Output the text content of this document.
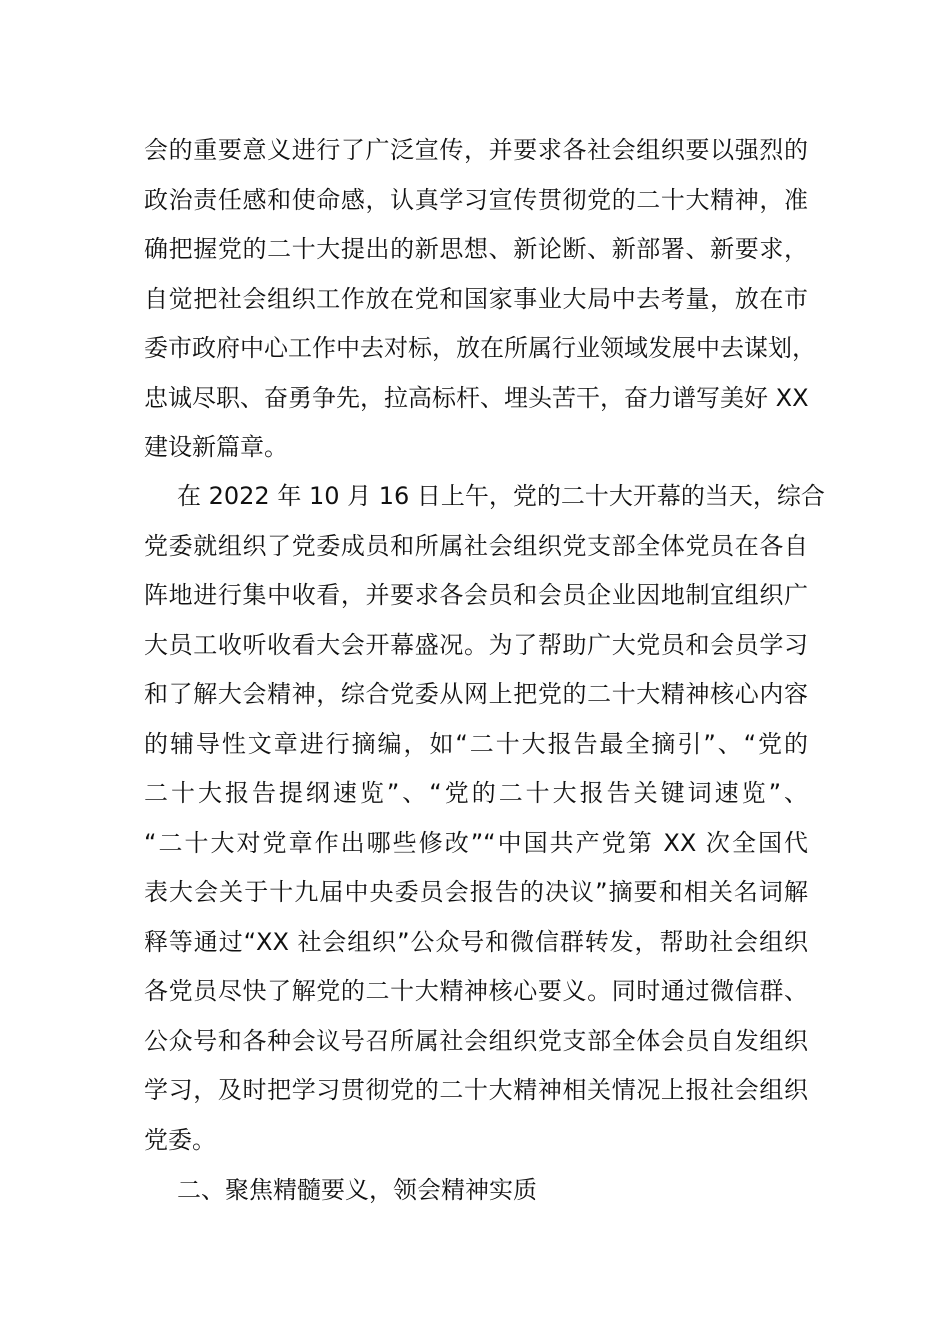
会的重要意义进行了广泛宣传，并要求各社会组织要以强烈的
政治责任感和使命感，认真学习宣传贯彻党的二十大精神，准
确把握党的二十大提出的新思想、新论断、新部署、新要求，
自觉把社会组织工作放在党和国家事业大局中去考量，放在市
委市政府中心工作中去对标，放在所属行业领域发展中去谋划，
忠诚尽职、奋勇争先，拉高标杆、埋头苦干，奋力谱写美好 XX
建设新篇章。
在 2022 年 10 月 16 日上午，党的二十大开幕的当天，综合
党委就组织了党委成员和所属社会组织党支部全体党员在各自
阵地进行集中收看，并要求各会员和会员企业因地制宜组织广
大员工收听收看大会开幕盛况。为了帮助广大党员和会员学习
和了解大会精神，综合党委从网上把党的二十大精神核心内容
的辅导性文章进行摘编，如“二十大报告最全摘引”、“党的
二十大报告提纲速览”、“党的二十大报告关键词速览”、
“二十大对党章作出哪些修改”“中国共产党第 XX 次全国代
表大会关于十九届中央委员会报告的决议”摘要和相关名词解
释等通过“XX 社会组织”公众号和微信群转发，帮助社会组织
各党员尽快了解党的二十大精神核心要义。同时通过微信群、
公众号和各种会议号召所属社会组织党支部全体会员自发组织
学习，及时把学习贯彻党的二十大精神相关情况上报社会组织
党委。
二、聚焦精髓要义，领会精神实质
